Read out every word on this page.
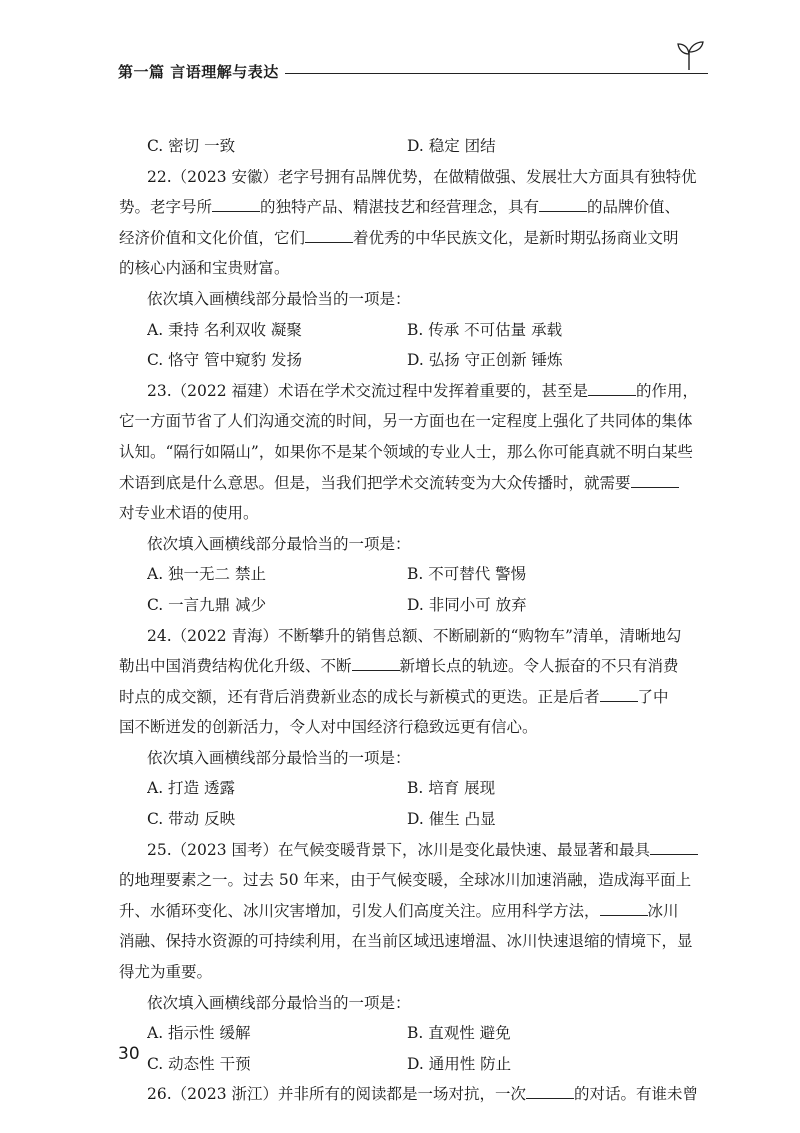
第一篇 言语理解与表达
C. 密切 一致	D. 稳定 团结
22.（2023 安徽）老字号拥有品牌优势，在做精做强、发展壮大方面具有独特优
势。老字号所	的独特产品、精湛技艺和经营理念，具有	的品牌价值、
经济价值和文化价值，它们	着优秀的中华民族文化，是新时期弘扬商业文明
的核心内涵和宝贵财富。
依次填入画横线部分最恰当的一项是：
A. 秉持 名利双收 凝聚	B. 传承 不可估量 承载
C. 恪守 管中窥豹 发扬	D. 弘扬 守正创新 锤炼
23.（2022 福建）术语在学术交流过程中发挥着重要的，甚至是	的作用，
它一方面节省了人们沟通交流的时间，另一方面也在一定程度上强化了共同体的集体
认知。“隔行如隔山”，如果你不是某个领域的专业人士，那么你可能真就不明白某些
术语到底是什么意思。但是，当我们把学术交流转变为大众传播时，就需要
对专业术语的使用。
依次填入画横线部分最恰当的一项是：
A. 独一无二 禁止	B. 不可替代 警惕
C. 一言九鼎 减少	D. 非同小可 放弃
24.（2022 青海）不断攀升的销售总额、不断刷新的“购物车”清单，清晰地勾
勒出中国消费结构优化升级、不断	新增长点的轨迹。令人振奋的不只有消费
时点的成交额，还有背后消费新业态的成长与新模式的更迭。正是后者 了中
国不断迸发的创新活力，令人对中国经济行稳致远更有信心。
依次填入画横线部分最恰当的一项是：
A. 打造 透露	B. 培育 展现
C. 带动 反映	D. 催生 凸显
25.（2023 国考）在气候变暖背景下，冰川是变化最快速、最显著和最具
的地理要素之一。过去 50 年来，由于气候变暖，全球冰川加速消融，造成海平面上
升、水循环变化、冰川灾害增加，引发人们高度关注。应用科学方法，	冰川
消融、保持水资源的可持续利用，在当前区域迅速增温、冰川快速退缩的情境下，显
得尤为重要。
依次填入画横线部分最恰当的一项是：
A. 指示性 缓解	B. 直观性 避免
C. 动态性 干预	D. 通用性 防止
26.（2023 浙江）并非所有的阅读都是一场对抗，一次	的对话。有谁未曾
30
